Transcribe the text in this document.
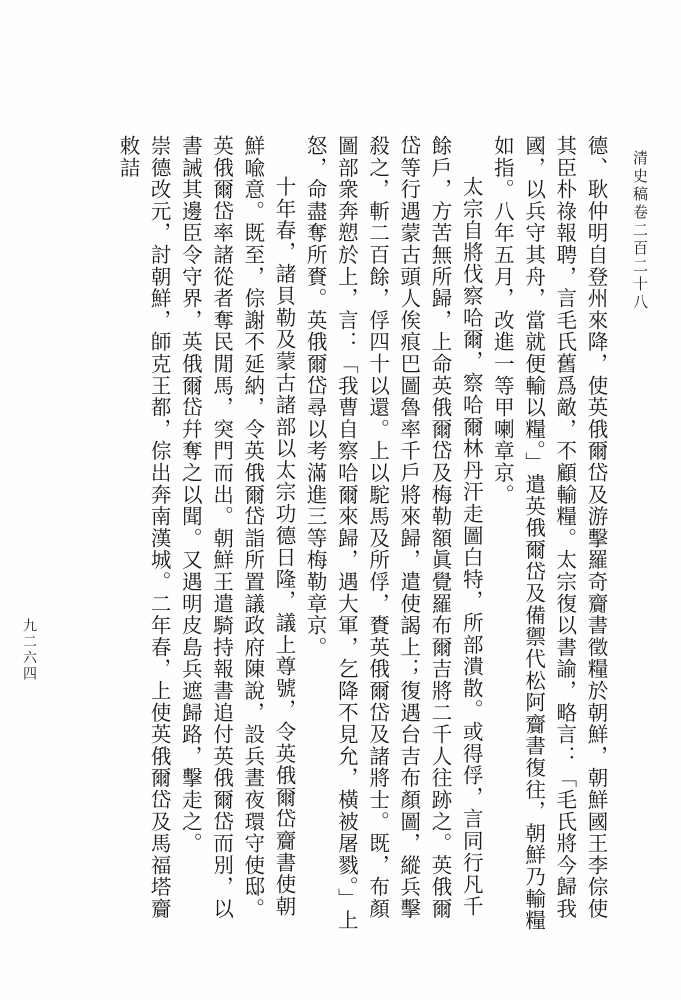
清史稿卷二百二十八
九二六四	德、耿仲明自登州來降，使英俄爾岱及游擊羅奇齎書徵糧於朝鮮，朝鮮國王李倧使其臣朴祿報聘，言毛氏舊爲敵，不顧輸糧。太宗復以書諭，略言：「毛氏將今歸我國，以兵守其舟，當就便輸以糧。」遣英俄爾岱及備禦代松阿齎書復往，朝鮮乃輸糧如指。八年五月，改進一等甲喇章京。

太宗自將伐察哈爾，察哈爾林丹汗走圖白特，所部潰散。或得俘，言同行凡千餘戶，方苦無所歸，上命英俄爾岱及梅勒額眞覺羅布爾吉將二千人往跡之。英俄爾岱等行遇蒙古頭人俟痕巴圖魯率千戶將來歸，遣使謁上；復遇台吉布顏圖，縱兵擊殺之，斬二百餘，俘四十以還。上以駝馬及所俘，賚英俄爾岱及諸將士。既，布顏圖部衆奔愬於上，言：「我曹自察哈爾來歸，遇大軍，乞降不見允，橫被屠戮。」上怒，命盡奪所賚。英俄爾岱尋以考滿進三等梅勒章京。

十年春，諸貝勒及蒙古諸部以太宗功德日隆，議上尊號，令英俄爾岱齎書使朝鮮喩意。既至，倧謝不延納，令英俄爾岱詣所置議政府陳說，設兵晝夜環守使邸。英俄爾岱率諸從者奪民閒馬，突門而出。朝鮮王遣騎持報書追付英俄爾岱而別，以書誡其邊臣令守界，英俄爾岱幷奪之以聞。又遇明皮島兵遮歸路，擊走之。

崇德改元，討朝鮮，師克王都，倧出奔南漢城。二年春，上使英俄爾岱及馬福塔齎敕詰
